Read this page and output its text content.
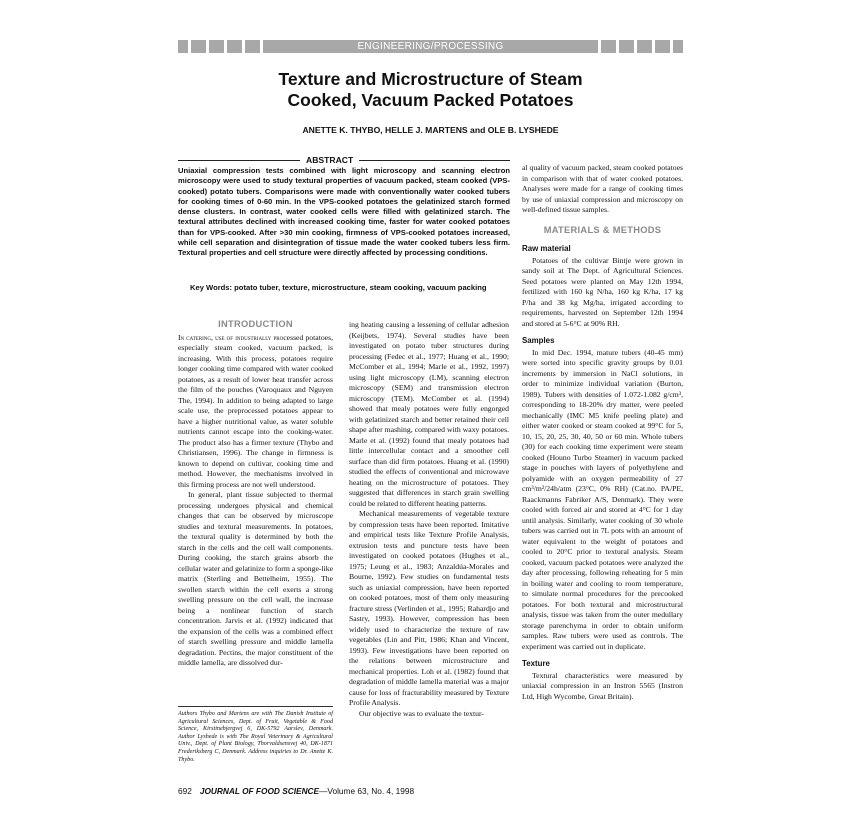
ENGINEERING/PROCESSING
Texture and Microstructure of Steam
Cooked, Vacuum Packed Potatoes
ANETTE K. THYBO, HELLE J. MARTENS and OLE B. LYSHEDE
ABSTRACT

Uniaxial compression tests combined with light microscopy and scanning electron microscopy were used to study textural properties of vacuum packed, steam cooked (VPS-cooked) potato tubers. Comparisons were made with conventionally water cooked tubers for cooking times of 0-60 min. In the VPS-cooked potatoes the gelatinized starch formed dense clusters. In contrast, water cooked cells were filled with gelatinized starch. The textural attributes declined with increased cooking time, faster for water cooked potatoes than for VPS-cooked. After >30 min cooking, firmness of VPS-cooked potatoes increased, while cell separation and disintegration of tissue made the water cooked tubers less firm. Textural properties and cell structure were directly affected by processing conditions.

Key Words: potato tuber, texture, microstructure, steam cooking, vacuum packing

INTRODUCTION

In catering, use of industrially processed potatoes, especially steam cooked, vacuum packed, is increasing. With this process, potatoes require longer cooking time compared with water cooked potatoes, as a result of lower heat transfer across the film of the pouches (Varoquaux and Nguyen The, 1994). In addition to being adapted to large scale use, the preprocessed potatoes appear to have a higher nutritional value, as water soluble nutrients cannot escape into the cooking-water. The product also has a firmer texture (Thybo and Christiansen, 1996). The change in firmness is known to depend on cultivar, cooking time and method. However, the mechanisms involved in this firming process are not well understood.

In general, plant tissue subjected to thermal processing undergoes physical and chemical changes that can be observed by microscope studies and textural measurements. In potatoes, the textural quality is determined by both the starch in the cells and the cell wall components. During cooking, the starch grains absorb the cellular water and gelatinize to form a sponge-like matrix (Sterling and Bettelheim, 1955). The swollen starch within the cell exerts a strong swelling pressure on the cell wall, the increase being a nonlinear function of starch concentration. Jarvis et al. (1992) indicated that the expansion of the cells was a combined effect of starch swelling pressure and middle lamella degradation. Pectins, the major constituent of the middle lamella, are dissolved dur-

Authors Thybo and Martens are with The Danish Institute of Agricultural Sciences, Dept. of Fruit, Vegetable & Food Science, Kirstinebjergvej 6, DK-5792 Aarslev, Denmark. Author Lyshede is with The Royal Veterinary & Agricultural Univ., Dept. of Plant Biology, Thorvaldsensvej 40, DK-1871 Frederiksberg C, Denmark. Address inquiries to Dr. Anette K. Thybo.

ing heating causing a lessening of cellular adhesion (Keijbets, 1974). Several studies have been investigated on potato tuber structures during processing (Fedec et al., 1977; Huang et al., 1990; McComber et al., 1994; Marle et al., 1992, 1997) using light microscopy (LM), scanning electron microscopy (SEM) and transmission electron microscopy (TEM). McComber et al. (1994) showed that mealy potatoes were fully engorged with gelatinized starch and better retained their cell shape after mashing, compared with waxy potatoes. Marle et al. (1992) found that mealy potatoes had little intercellular contact and a smoother cell surface than did firm potatoes. Huang et al. (1990) studied the effects of conventional and microwave heating on the microstructure of potatoes. They suggested that differences in starch grain swelling could be related to different heating patterns.

Mechanical measurements of vegetable texture by compression tests have been reported. Imitative and empirical tests like Texture Profile Analysis, extrusion tests and puncture tests have been investigated on cooked potatoes (Hughes et al., 1975; Leung et al., 1983; Anzaldúa-Morales and Bourne, 1992). Few studies on fundamental tests such as uniaxial compression, have been reported on cooked potatoes, most of them only measuring fracture stress (Verlinden et al., 1995; Rahardjo and Sastry, 1993). However, compression has been widely used to characterize the texture of raw vegetables (Lin and Pitt, 1986; Khan and Vincent, 1993). Few investigations have been reported on the relations between microstructure and mechanical properties. Loh et al. (1982) found that degradation of middle lamella material was a major cause for loss of fracturability measured by Texture Profile Analysis.

Our objective was to evaluate the textur-

al quality of vacuum packed, steam cooked potatoes in comparison with that of water cooked potatoes. Analyses were made for a range of cooking times by use of uniaxial compression and microscopy on well-defined tissue samples.

MATERIALS & METHODS
Raw material

Potatoes of the cultivar Bintje were grown in sandy soil at The Dept. of Agricultural Sciences. Seed potatoes were planted on May 12th 1994, fertilized with 160 kg N/ha, 160 kg K/ha, 17 kg P/ha and 38 kg Mg/ha, irrigated according to requirements, harvested on September 12th 1994 and stored at 5-6°C at 90% RH.

Samples

In mid Dec. 1994, mature tubers (40-45 mm) were sorted into specific gravity groups by 0.01 increments by immersion in NaCl solutions, in order to minimize individual variation (Burton, 1989). Tubers with densities of 1.072-1.082 g/cm³, corresponding to 18-20% dry matter, were peeled mechanically (IMC M5 knife peeling plate) and either water cooked or steam cooked at 99°C for 5, 10, 15, 20, 25, 30, 40, 50 or 60 min. Whole tubers (30) for each cooking time experiment were steam cooked (Houno Turbo Steamer) in vacuum packed stage in pouches with layers of polyethylene and polyamide with an oxygen permeability of 27 cm³/m²/24h/atm (23°C, 0% RH) (Cat.no. PA/PE, Raackmanns Fabriker A/S, Denmark). They were cooled with forced air and stored at 4°C for 1 day until analysis. Similarly, water cooking of 30 whole tubers was carried out in 7L pots with an amount of water equivalent to the weight of potatoes and cooled to 20°C prior to textural analysis. Steam cooked, vacuum packed potatoes were analyzed the day after processing, following reheating for 5 min in boiling water and cooling to room temperature, to simulate normal procedures for the precooked potatoes. For both textural and microstructural analysis, tissue was taken from the outer medullary storage parenchyma in order to obtain uniform samples. Raw tubers were used as controls. The experiment was carried out in duplicate.

Texture

Textural characteristics were measured by uniaxial compression in an Instron 5565 (Instron Ltd, High Wycombe, Great Britain).

692 JOURNAL OF FOOD SCIENCE—Volume 63, No. 4, 1998
